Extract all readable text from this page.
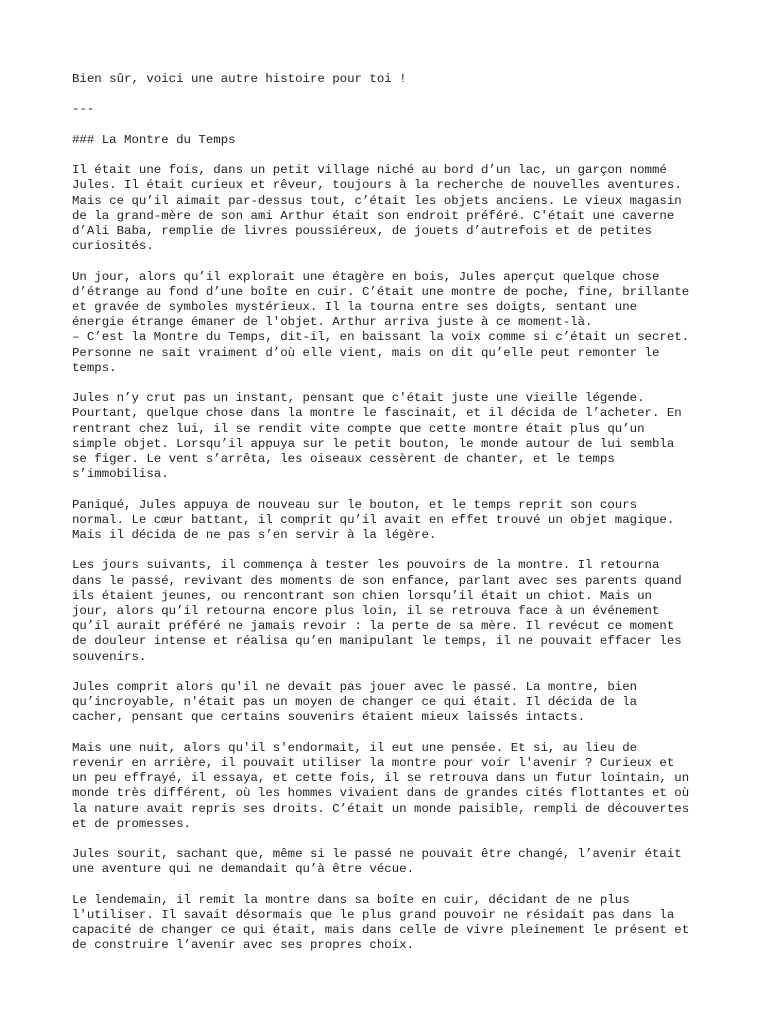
Bien sûr, voici une autre histoire pour toi !

---

### La Montre du Temps

Il était une fois, dans un petit village niché au bord d’un lac, un garçon nommé
Jules. Il était curieux et rêveur, toujours à la recherche de nouvelles aventures.
Mais ce qu’il aimait par-dessus tout, c’était les objets anciens. Le vieux magasin
de la grand-mère de son ami Arthur était son endroit préféré. C'était une caverne
d’Ali Baba, remplie de livres poussiéreux, de jouets d’autrefois et de petites
curiosités.

Un jour, alors qu’il explorait une étagère en bois, Jules aperçut quelque chose
d’étrange au fond d’une boîte en cuir. C’était une montre de poche, fine, brillante
et gravée de symboles mystérieux. Il la tourna entre ses doigts, sentant une
énergie étrange émaner de l'objet. Arthur arriva juste à ce moment-là.
– C’est la Montre du Temps, dit-il, en baissant la voix comme si c’était un secret.
Personne ne sait vraiment d’où elle vient, mais on dit qu’elle peut remonter le
temps.

Jules n’y crut pas un instant, pensant que c'était juste une vieille légende.
Pourtant, quelque chose dans la montre le fascinait, et il décida de l’acheter. En
rentrant chez lui, il se rendit vite compte que cette montre était plus qu’un
simple objet. Lorsqu’il appuya sur le petit bouton, le monde autour de lui sembla
se figer. Le vent s’arrêta, les oiseaux cessèrent de chanter, et le temps
s’immobilisa.

Paniqué, Jules appuya de nouveau sur le bouton, et le temps reprit son cours
normal. Le cœur battant, il comprit qu’il avait en effet trouvé un objet magique.
Mais il décida de ne pas s’en servir à la légère.

Les jours suivants, il commença à tester les pouvoirs de la montre. Il retourna
dans le passé, revivant des moments de son enfance, parlant avec ses parents quand
ils étaient jeunes, ou rencontrant son chien lorsqu’il était un chiot. Mais un
jour, alors qu’il retourna encore plus loin, il se retrouva face à un événement
qu’il aurait préféré ne jamais revoir : la perte de sa mère. Il revécut ce moment
de douleur intense et réalisa qu’en manipulant le temps, il ne pouvait effacer les
souvenirs.

Jules comprit alors qu'il ne devait pas jouer avec le passé. La montre, bien
qu’incroyable, n'était pas un moyen de changer ce qui était. Il décida de la
cacher, pensant que certains souvenirs étaient mieux laissés intacts.

Mais une nuit, alors qu'il s'endormait, il eut une pensée. Et si, au lieu de
revenir en arrière, il pouvait utiliser la montre pour voir l'avenir ? Curieux et
un peu effrayé, il essaya, et cette fois, il se retrouva dans un futur lointain, un
monde très différent, où les hommes vivaient dans de grandes cités flottantes et où
la nature avait repris ses droits. C’était un monde paisible, rempli de découvertes
et de promesses.

Jules sourit, sachant que, même si le passé ne pouvait être changé, l’avenir était
une aventure qui ne demandait qu’à être vécue.

Le lendemain, il remit la montre dans sa boîte en cuir, décidant de ne plus
l'utiliser. Il savait désormais que le plus grand pouvoir ne résidait pas dans la
capacité de changer ce qui était, mais dans celle de vivre pleinement le présent et
de construire l’avenir avec ses propres choix.
